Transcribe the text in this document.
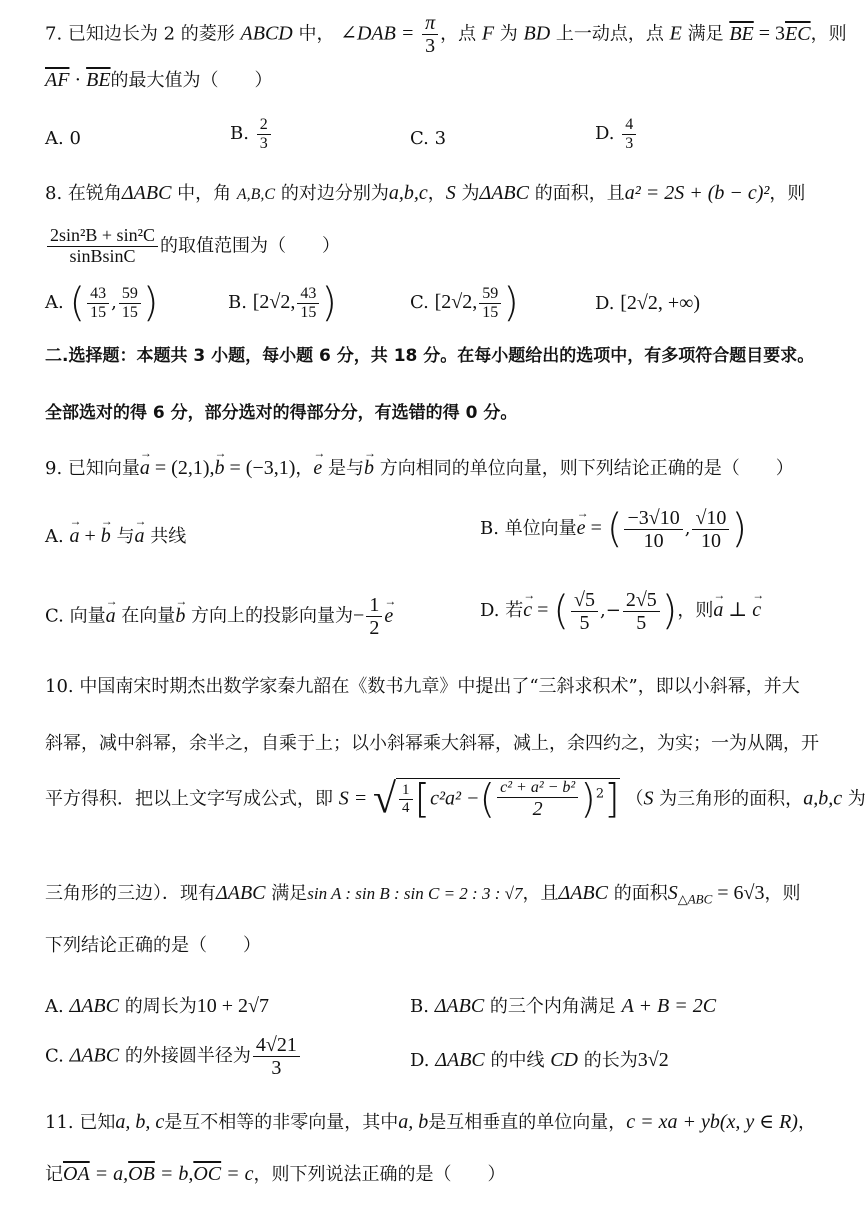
7. 已知边长为 2 的菱形 ABCD 中， ∠DAB = $\frac{\pi}{3}$ ，点 F 为 BD 上一动点，点 E 满足 $\overline{BE} = 3\overline{EC}$，则
$\overline{AF} \cdot \overline{BE}$的最大值为（　　）
A. 0	B. $\frac{2}{3}$	C. 3	D. $\frac{4}{3}$
8. 在锐角ΔABC 中，角 A,B,C 的对边分别为a,b,c，S 为ΔABC 的面积，且a² = 2S + (b − c)²，则
$\frac{\text{2sin²B + sin²C}}{\text{sinBsinC}}$ 的取值范围为（　　）
A. ( $\frac{43}{15}$ , $\frac{59}{15}$ )	B. [2√2, $\frac{43}{15}$ )	C. [2√2, $\frac{59}{15}$ )	D. [2√2, +∞)
二.选择题：本题共 3 小题，每小题 6 分，共 18 分。在每小题给出的选项中，有多项符合题目要求。
全部选对的得 6 分，部分选对的得部分分，有选错的得 0 分。
9. 已知向量→ a = (2,1),→ b = (−3,1)，→ e 是与→ b 方向相同的单位向量，则下列结论正确的是（　　）
A. → a + → b 与→ a 共线	B. 单位向量→ e = ( $\frac{-3√10}{10}$ , $\frac{√10}{10}$ )
C. 向量→ a 在向量→ b 方向上的投影向量为− $\frac{1}{2} \to e$	D. 若→ c = ( $\frac{√5}{5}$ ,− $\frac{2√5}{5}$ )，则→ a ⊥ → c
10. 中国南宋时期杰出数学家秦九韶在《数书九章》中提出了“三斜求积术”，即以小斜幂，并大
斜幂，减中斜幂，余半之，自乘于上；以小斜幂乘大斜幂，减上，余四约之，为实；一为从隅，开
平方得积．把以上文字写成公式，即 S = √ $\frac{1}{4} [c^2a^2$ −( $\frac{\text{c² + a² − b²}}{2} )^2$] （S 为三角形的面积，a,b,c 为
三角形的三边）．现有ΔABC 满足sin A : sin B : sin C = 2 : 3 : √7，且ΔABC 的面积$S_{\triangle ABC} = 6√3$，则
下列结论正确的是（　　）
A. ΔABC 的周长为10 + 2√7	B. ΔABC 的三个内角满足 A + B = 2C
C. ΔABC 的外接圆半径为 $\frac{4√21}{3}$	D. ΔABC 的中线 CD 的长为3√2
11. 已知a, b, c是互不相等的非零向量，其中a, b是互相垂直的单位向量，c = xa + yb(x, y ∈ R)，
记$\overline{OA} = a,\overline{OB} = b,\overline{OC} = c$，则下列说法正确的是（　　）
